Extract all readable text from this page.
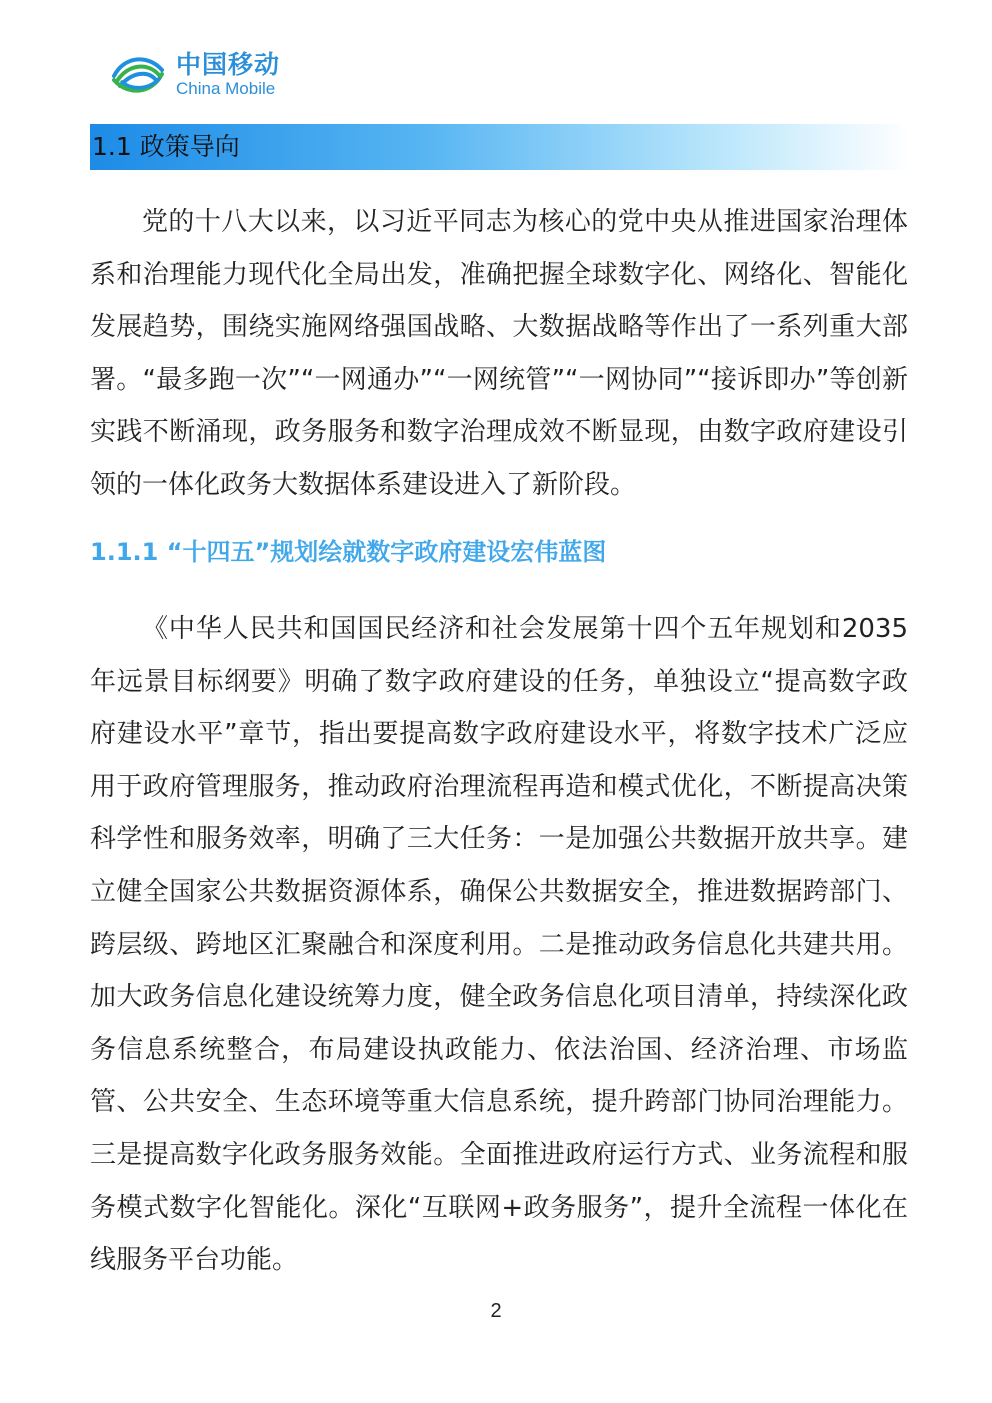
中国移动
China Mobile
1.1 政策导向

党的十八大以来，以习近平同志为核心的党中央从推进国家治理体系和治理能力现代化全局出发，准确把握全球数字化、网络化、智能化发展趋势，围绕实施网络强国战略、大数据战略等作出了一系列重大部署。“最多跑一次”“一网通办”“一网统管”“一网协同”“接诉即办”等创新实践不断涌现，政务服务和数字治理成效不断显现，由数字政府建设引领的一体化政务大数据体系建设进入了新阶段。

1.1.1 “十四五”规划绘就数字政府建设宏伟蓝图

《中华人民共和国国民经济和社会发展第十四个五年规划和2035年远景目标纲要》明确了数字政府建设的任务，单独设立“提高数字政府建设水平”章节，指出要提高数字政府建设水平，将数字技术广泛应用于政府管理服务，推动政府治理流程再造和模式优化，不断提高决策科学性和服务效率，明确了三大任务：一是加强公共数据开放共享。建立健全国家公共数据资源体系，确保公共数据安全，推进数据跨部门、跨层级、跨地区汇聚融合和深度利用。二是推动政务信息化共建共用。加大政务信息化建设统筹力度，健全政务信息化项目清单，持续深化政务信息系统整合，布局建设执政能力、依法治国、经济治理、市场监管、公共安全、生态环境等重大信息系统，提升跨部门协同治理能力。三是提高数字化政务服务效能。全面推进政府运行方式、业务流程和服务模式数字化智能化。深化“互联网+政务服务”，提升全流程一体化在线服务平台功能。

2
